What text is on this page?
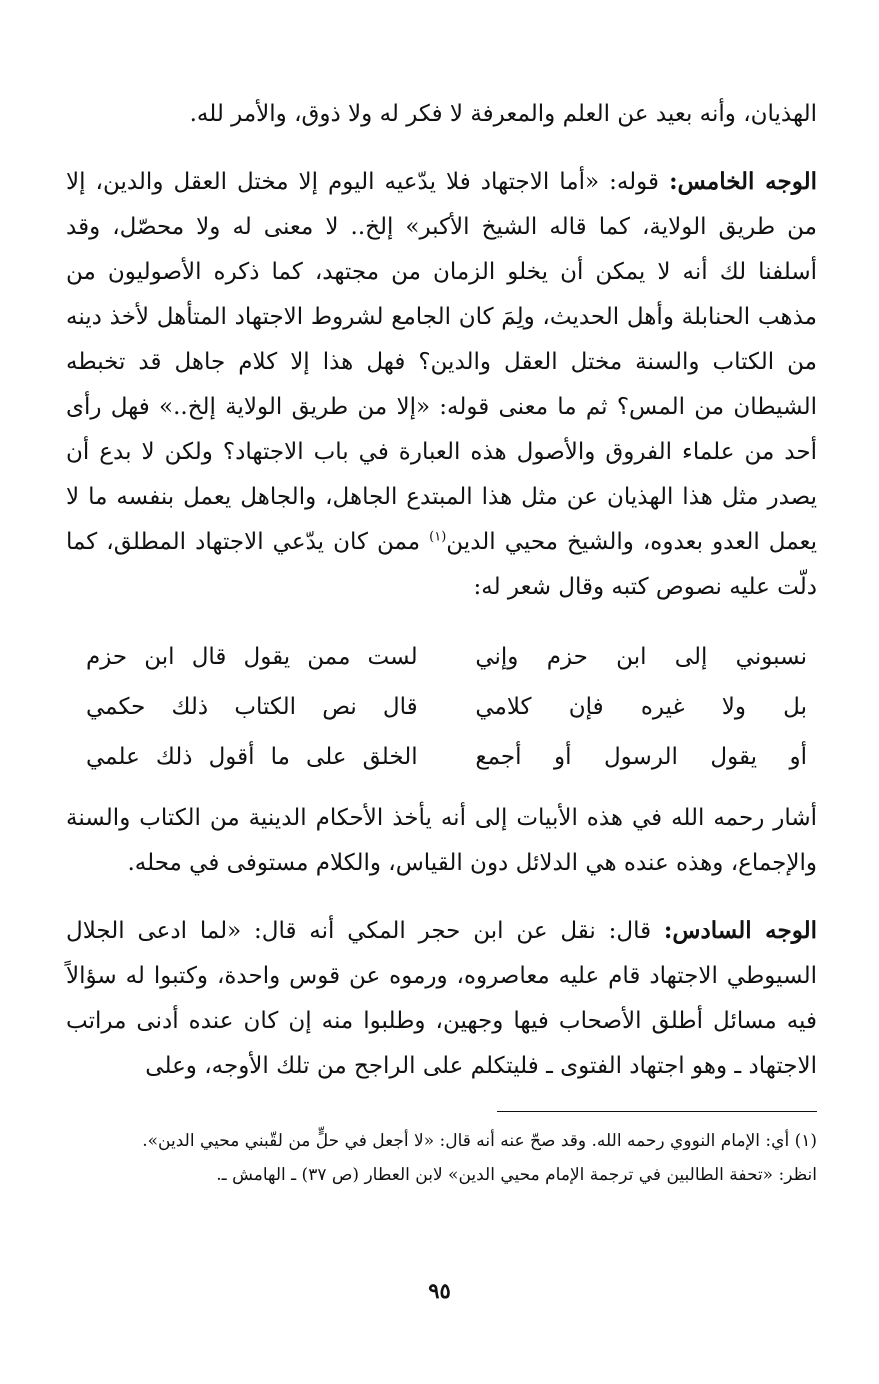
الهذيان، وأنه بعيد عن العلم والمعرفة لا فكر له ولا ذوق، والأمر لله.

الوجه الخامس: قوله: «أما الاجتهاد فلا يدّعيه اليوم إلا مختل العقل والدين، إلا من طريق الولاية، كما قاله الشيخ الأكبر» إلخ.. لا معنى له ولا محصّل، وقد أسلفنا لك أنه لا يمكن أن يخلو الزمان من مجتهد، كما ذكره الأصوليون من مذهب الحنابلة وأهل الحديث، ولِمَ كان الجامع لشروط الاجتهاد المتأهل لأخذ دينه من الكتاب والسنة مختل العقل والدين؟ فهل هذا إلا كلام جاهل قد تخبطه الشيطان من المس؟ ثم ما معنى قوله: «إلا من طريق الولاية إلخ..» فهل رأى أحد من علماء الفروق والأصول هذه العبارة في باب الاجتهاد؟ ولكن لا بدع أن يصدر مثل هذا الهذيان عن مثل هذا المبتدع الجاهل، والجاهل يعمل بنفسه ما لا يعمل العدو بعدوه، والشيخ محيي الدين$^{(١)}$ ممن كان يدّعي الاجتهاد المطلق، كما دلّت عليه نصوص كتبه وقال شعر له:

نسبوني إلى ابن حزم وإني
لست ممن يقول قال ابن حزم
بل ولا غيره فإن كلامي
قال نص الكتاب ذلك حكمي
أو يقول الرسول أو أجمع
الخلق على ما أقول ذلك علمي

أشار رحمه الله في هذه الأبيات إلى أنه يأخذ الأحكام الدينية من الكتاب والسنة والإجماع، وهذه عنده هي الدلائل دون القياس، والكلام مستوفى في محله.

الوجه السادس: قال: نقل عن ابن حجر المكي أنه قال: «لما ادعى الجلال السيوطي الاجتهاد قام عليه معاصروه، ورموه عن قوس واحدة، وكتبوا له سؤالاً فيه مسائل أطلق الأصحاب فيها وجهين، وطلبوا منه إن كان عنده أدنى مراتب الاجتهاد ـ وهو اجتهاد الفتوى ـ فليتكلم على الراجح من تلك الأوجه، وعلى

(١) أي: الإمام النووي رحمه الله. وقد صحّ عنه أنه قال: «لا أجعل في حلٍّ من لقّبني محيي الدين».

انظر: «تحفة الطالبين في ترجمة الإمام محيي الدين» لابن العطار (ص ٣٧) ـ الهامش ـ.

٩٥
